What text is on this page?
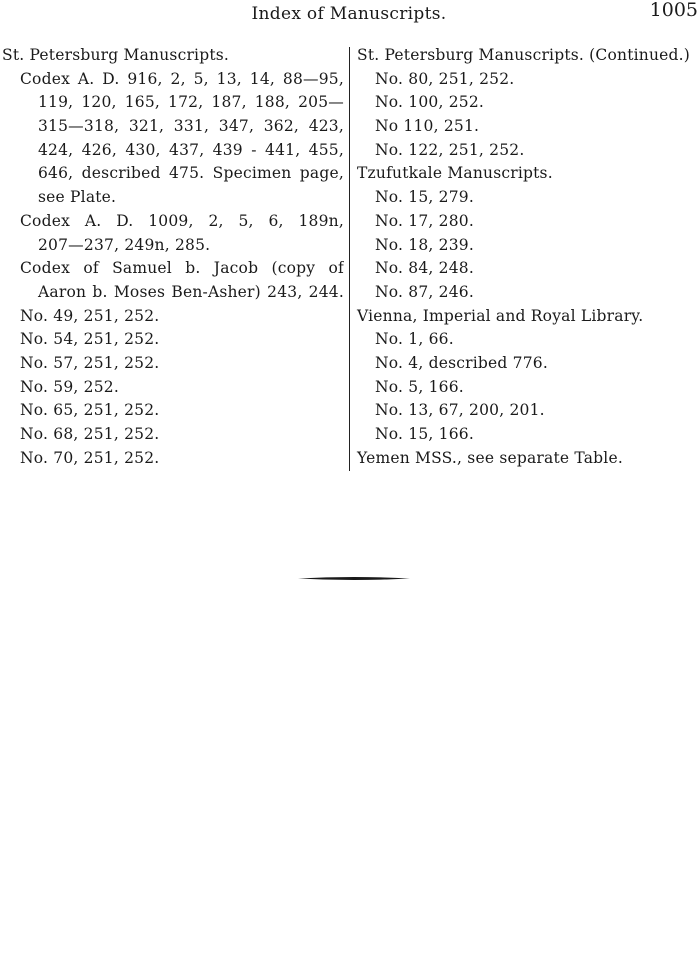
Index of Manuscripts.	1005
St. Petersburg Manuscripts.
Codex A. D. 916, 2, 5, 13, 14, 88—95,
119, 120, 165, 172, 187, 188, 205—
315—318, 321, 331, 347, 362, 423,
424, 426, 430, 437, 439 - 441, 455,
646, described 475. Specimen page,
see Plate.
Codex A. D. 1009, 2, 5, 6, 189n,
207—237, 249n, 285.
Codex of Samuel b. Jacob (copy of
Aaron b. Moses Ben-Asher) 243, 244.
No. 49, 251, 252.
No. 54, 251, 252.
No. 57, 251, 252.
No. 59, 252.
No. 65, 251, 252.
No. 68, 251, 252.
No. 70, 251, 252.
St. Petersburg Manuscripts. (Continued.)
No. 80, 251, 252.
No. 100, 252.
No 110, 251.
No. 122, 251, 252.
Tzufutkale Manuscripts.
No. 15, 279.
No. 17, 280.
No. 18, 239.
No. 84, 248.
No. 87, 246.
Vienna, Imperial and Royal Library.
No. 1, 66.
No. 4, described 776.
No. 5, 166.
No. 13, 67, 200, 201.
No. 15, 166.
Yemen MSS., see separate Table.
